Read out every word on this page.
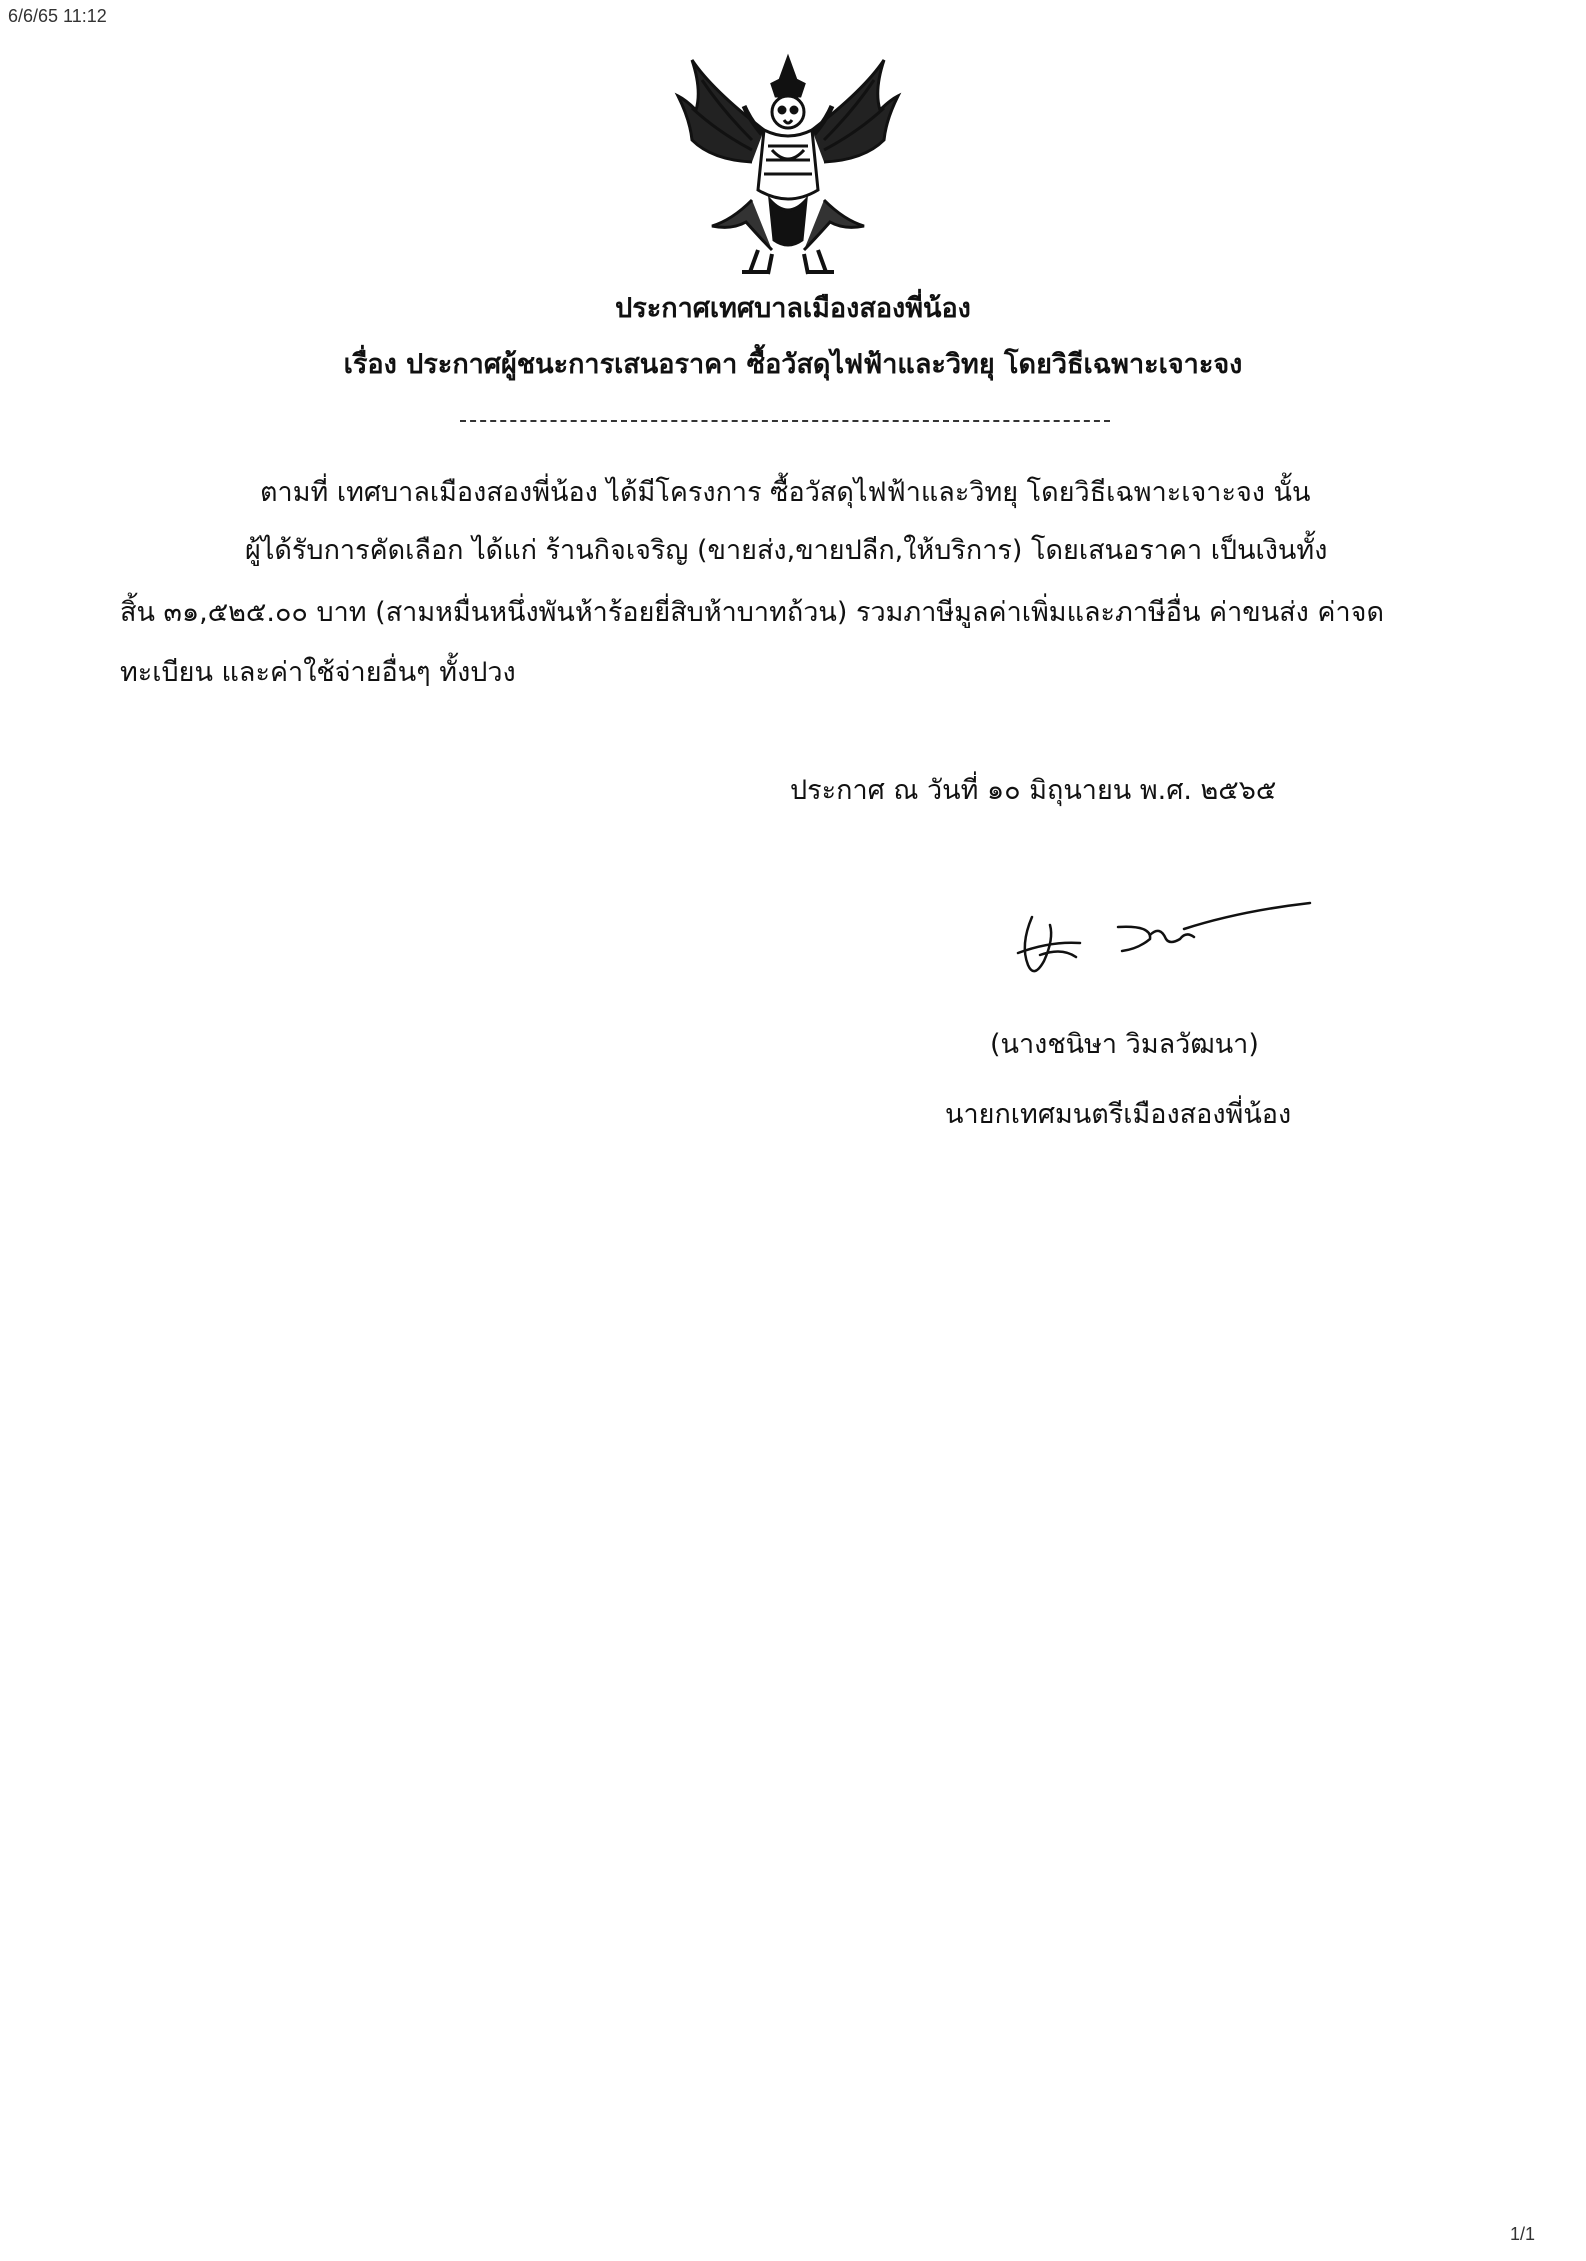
6/6/65 11:12
ประกาศเทศบาลเมืองสองพี่น้อง
เรื่อง ประกาศผู้ชนะการเสนอราคา ซื้อวัสดุไฟฟ้าและวิทยุ โดยวิธีเฉพาะเจาะจง
ตามที่ เทศบาลเมืองสองพี่น้อง ได้มีโครงการ ซื้อวัสดุไฟฟ้าและวิทยุ โดยวิธีเฉพาะเจาะจง นั้น
ผู้ได้รับการคัดเลือก ได้แก่ ร้านกิจเจริญ (ขายส่ง,ขายปลีก,ให้บริการ) โดยเสนอราคา เป็นเงินทั้ง
สิ้น ๓๑,๕๒๕.๐๐ บาท (สามหมื่นหนึ่งพันห้าร้อยยี่สิบห้าบาทถ้วน) รวมภาษีมูลค่าเพิ่มและภาษีอื่น ค่าขนส่ง ค่าจด
ทะเบียน และค่าใช้จ่ายอื่นๆ ทั้งปวง
ประกาศ ณ วันที่ ๑๐ มิถุนายน พ.ศ. ๒๕๖๕
(นางชนิษา วิมลวัฒนา)
นายกเทศมนตรีเมืองสองพี่น้อง
1/1
